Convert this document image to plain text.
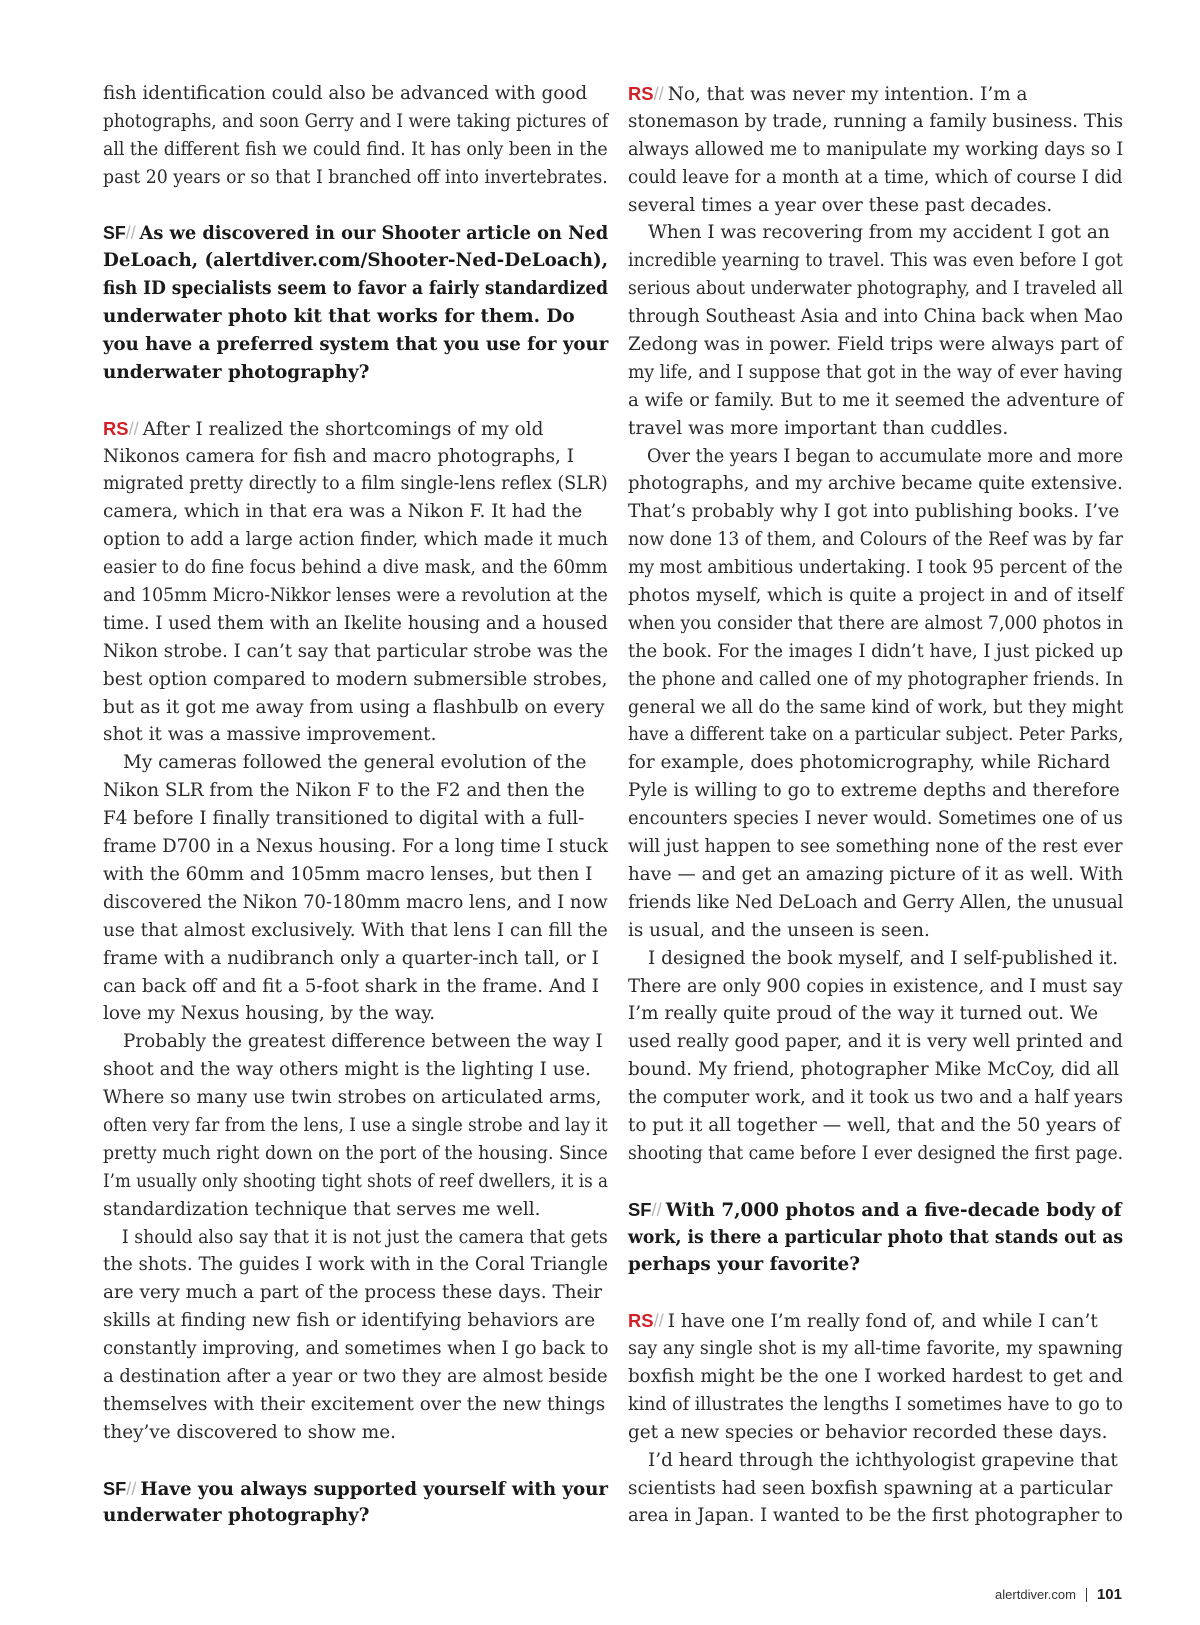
fish identification could also be advanced with good
photographs, and soon Gerry and I were taking pictures of
all the different fish we could find. It has only been in the
past 20 years or so that I branched off into invertebrates.
SF// As we discovered in our Shooter article on Ned
DeLoach, (alertdiver.com/Shooter-Ned-DeLoach),
fish ID specialists seem to favor a fairly standardized
underwater photo kit that works for them. Do
you have a preferred system that you use for your
underwater photography?
RS// After I realized the shortcomings of my old
Nikonos camera for fish and macro photographs, I
migrated pretty directly to a film single-lens reflex (SLR)
camera, which in that era was a Nikon F. It had the
option to add a large action finder, which made it much
easier to do fine focus behind a dive mask, and the 60mm
and 105mm Micro-Nikkor lenses were a revolution at the
time. I used them with an Ikelite housing and a housed
Nikon strobe. I can’t say that particular strobe was the
best option compared to modern submersible strobes,
but as it got me away from using a flashbulb on every
shot it was a massive improvement.
My cameras followed the general evolution of the
Nikon SLR from the Nikon F to the F2 and then the
F4 before I finally transitioned to digital with a full-
frame D700 in a Nexus housing. For a long time I stuck
with the 60mm and 105mm macro lenses, but then I
discovered the Nikon 70-180mm macro lens, and I now
use that almost exclusively. With that lens I can fill the
frame with a nudibranch only a quarter-inch tall, or I
can back off and fit a 5-foot shark in the frame. And I
love my Nexus housing, by the way.
Probably the greatest difference between the way I
shoot and the way others might is the lighting I use.
Where so many use twin strobes on articulated arms,
often very far from the lens, I use a single strobe and lay it
pretty much right down on the port of the housing. Since
I’m usually only shooting tight shots of reef dwellers, it is a
standardization technique that serves me well.
I should also say that it is not just the camera that gets
the shots. The guides I work with in the Coral Triangle
are very much a part of the process these days. Their
skills at finding new fish or identifying behaviors are
constantly improving, and sometimes when I go back to
a destination after a year or two they are almost beside
themselves with their excitement over the new things
they’ve discovered to show me.
SF// Have you always supported yourself with your
underwater photography?
RS// No, that was never my intention. I’m a
stonemason by trade, running a family business. This
always allowed me to manipulate my working days so I
could leave for a month at a time, which of course I did
several times a year over these past decades.
When I was recovering from my accident I got an
incredible yearning to travel. This was even before I got
serious about underwater photography, and I traveled all
through Southeast Asia and into China back when Mao
Zedong was in power. Field trips were always part of
my life, and I suppose that got in the way of ever having
a wife or family. But to me it seemed the adventure of
travel was more important than cuddles.
Over the years I began to accumulate more and more
photographs, and my archive became quite extensive.
That’s probably why I got into publishing books. I’ve
now done 13 of them, and Colours of the Reef was by far
my most ambitious undertaking. I took 95 percent of the
photos myself, which is quite a project in and of itself
when you consider that there are almost 7,000 photos in
the book. For the images I didn’t have, I just picked up
the phone and called one of my photographer friends. In
general we all do the same kind of work, but they might
have a different take on a particular subject. Peter Parks,
for example, does photomicrography, while Richard
Pyle is willing to go to extreme depths and therefore
encounters species I never would. Sometimes one of us
will just happen to see something none of the rest ever
have — and get an amazing picture of it as well. With
friends like Ned DeLoach and Gerry Allen, the unusual
is usual, and the unseen is seen.
I designed the book myself, and I self-published it.
There are only 900 copies in existence, and I must say
I’m really quite proud of the way it turned out. We
used really good paper, and it is very well printed and
bound. My friend, photographer Mike McCoy, did all
the computer work, and it took us two and a half years
to put it all together — well, that and the 50 years of
shooting that came before I ever designed the first page.
SF// With 7,000 photos and a five-decade body of
work, is there a particular photo that stands out as
perhaps your favorite?
RS// I have one I’m really fond of, and while I can’t
say any single shot is my all-time favorite, my spawning
boxfish might be the one I worked hardest to get and
kind of illustrates the lengths I sometimes have to go to
get a new species or behavior recorded these days.
I’d heard through the ichthyologist grapevine that
scientists had seen boxfish spawning at a particular
area in Japan. I wanted to be the first photographer to
alertdiver.com 101
